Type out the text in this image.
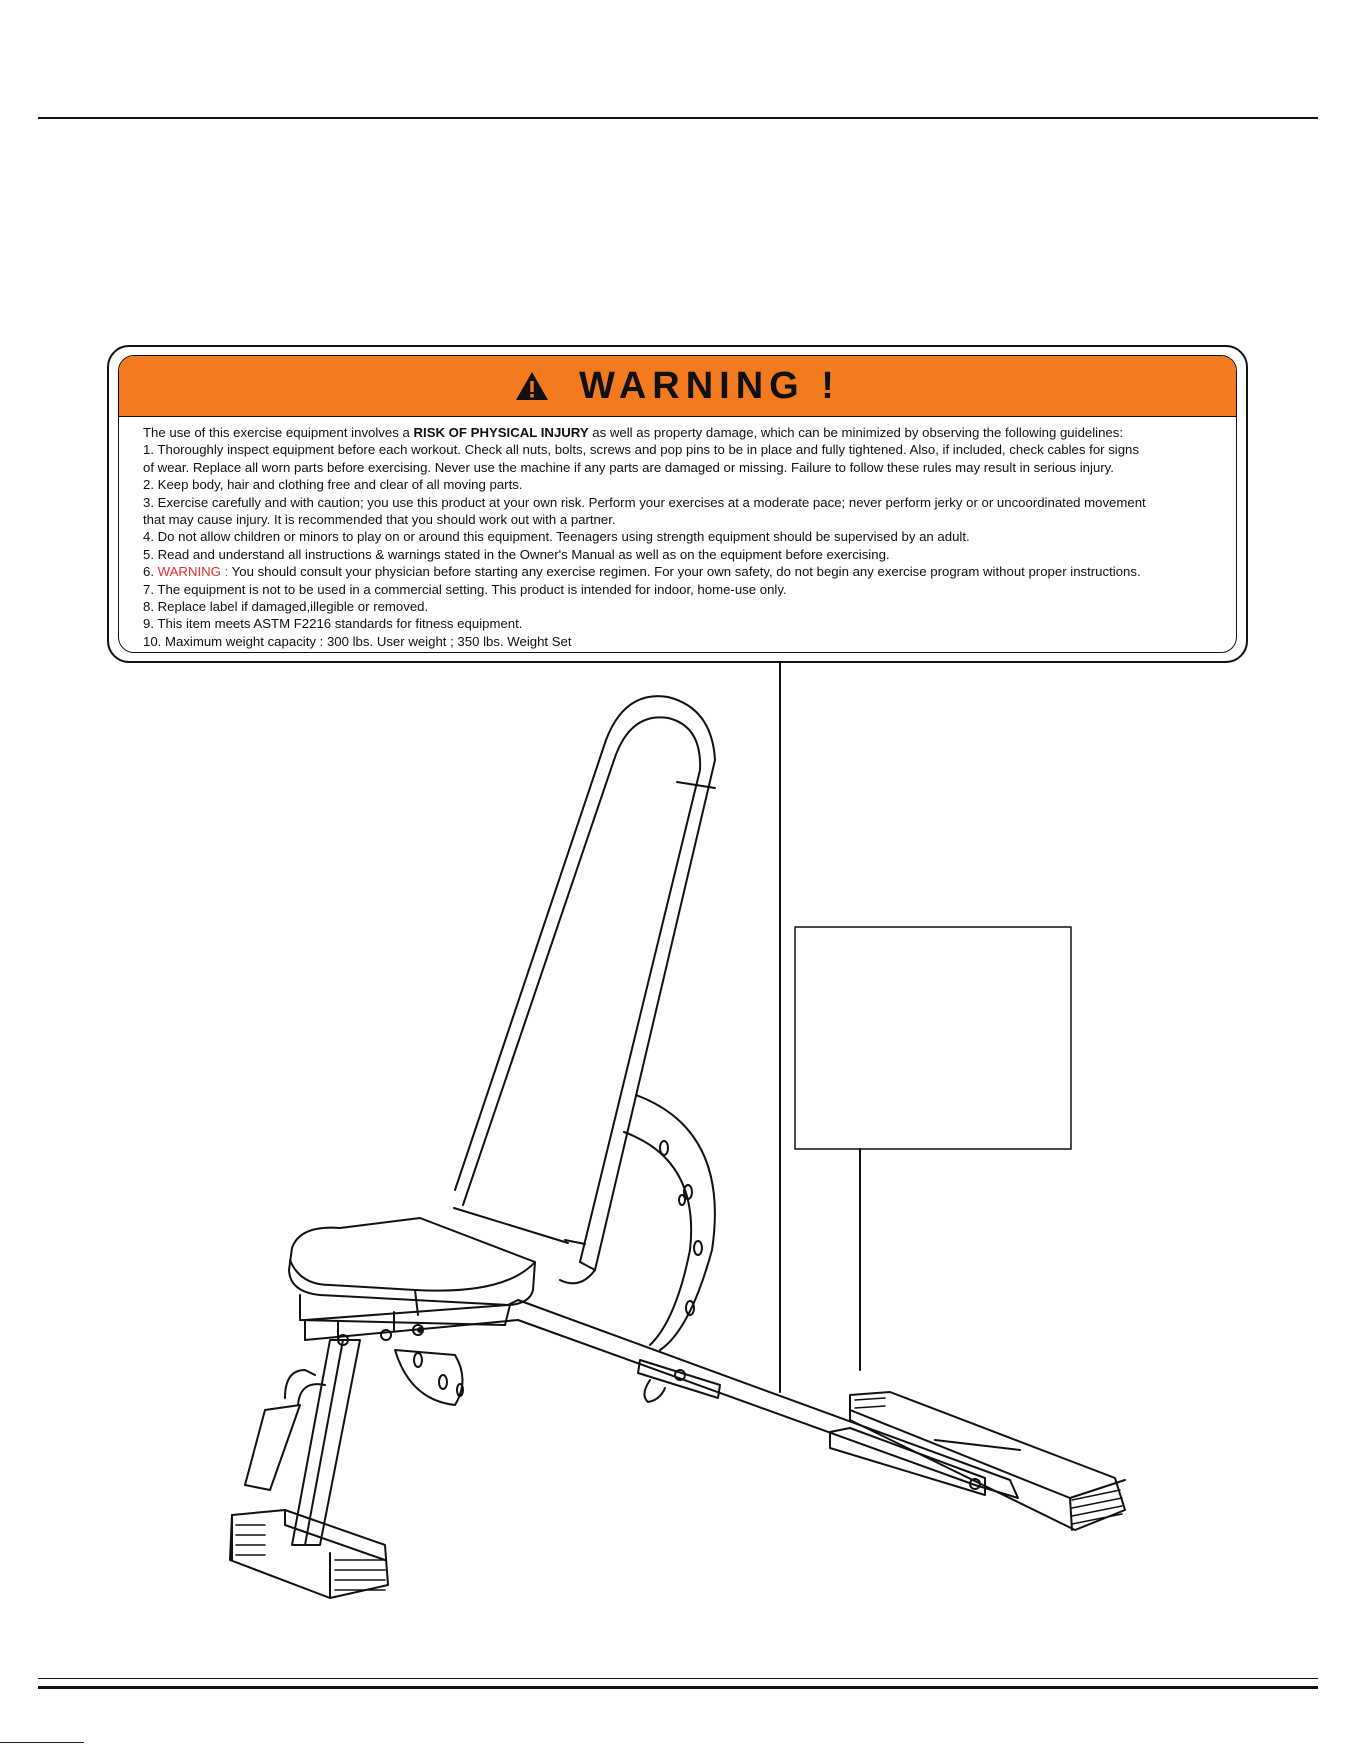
WARNING !
The use of this exercise equipment involves a RISK OF PHYSICAL INJURY as well as property damage, which can be minimized by observing the following guidelines:
1. Thoroughly inspect equipment before each workout. Check all nuts, bolts, screws and pop pins to be in place and fully tightened. Also, if included, check cables for signs
of wear. Replace all worn parts before exercising. Never use the machine if any parts are damaged or missing. Failure to follow these rules may result in serious injury.
2. Keep body, hair and clothing free and clear of all moving parts.
3. Exercise carefully and with caution; you use this product at your own risk. Perform your exercises at a moderate pace; never perform jerky or or uncoordinated movement
that may cause injury. It is recommended that you should work out with a partner.
4. Do not allow children or minors to play on or around this equipment. Teenagers using strength equipment should be supervised by an adult.
5. Read and understand all instructions & warnings stated in the Owner's Manual as well as on the equipment before exercising.
6. WARNING : You should consult your physician before starting any exercise regimen. For your own safety, do not begin any exercise program without proper instructions.
7. The equipment is not to be used in a commercial setting. This product is intended for indoor, home-use only.
8. Replace label if damaged,illegible or removed.
9. This item meets ASTM F2216 standards for fitness equipment.
10. Maximum weight capacity : 300 lbs. User weight ; 350 lbs. Weight Set
